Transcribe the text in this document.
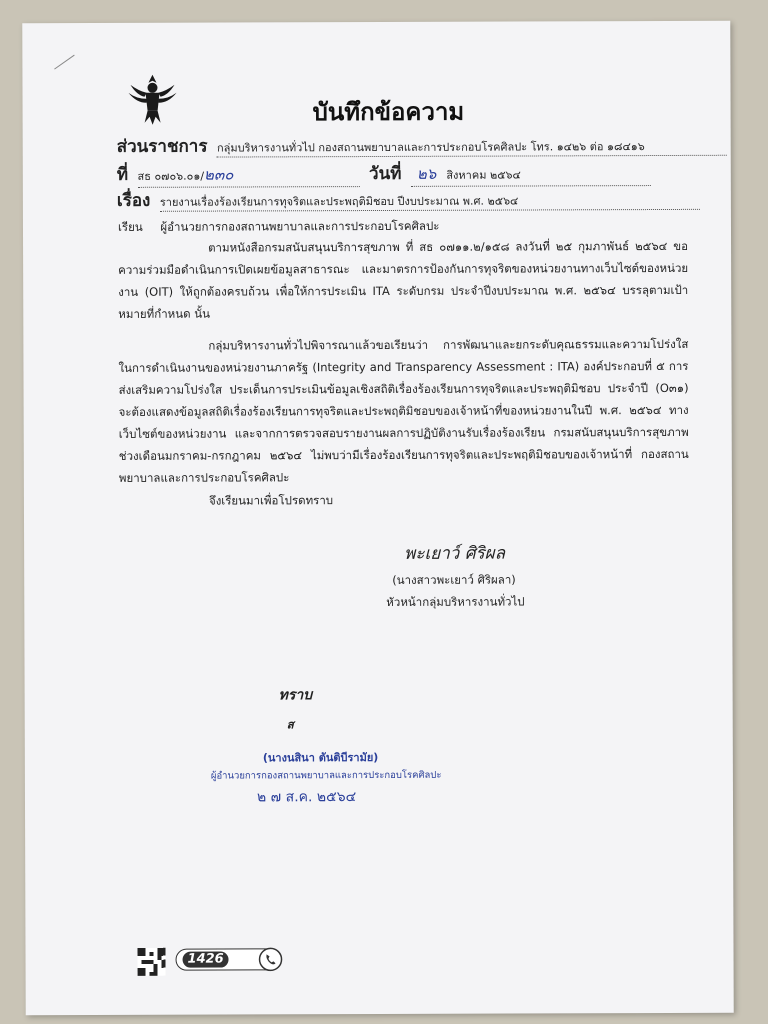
บันทึกข้อความ
ส่วนราชการ กลุ่มบริหารงานทั่วไป กองสถานพยาบาลและการประกอบโรคศิลปะ โทร. ๑๔๒๖ ต่อ ๑๘๔๑๖
ที่ สธ ๐๗๐๖.๐๑/๒๓๐	วันที่ ๒๖ สิงหาคม ๒๕๖๔
เรื่อง รายงานเรื่องร้องเรียนการทุจริตและประพฤติมิชอบ ปีงบประมาณ พ.ศ. ๒๕๖๔
เรียน ผู้อำนวยการกองสถานพยาบาลและการประกอบโรคศิลปะ

ตามหนังสือกรมสนับสนุนบริการสุขภาพ ที่ สธ ๐๗๑๑.๒/๑๕๘ ลงวันที่ ๒๕ กุมภาพันธ์ ๒๕๖๔ ขอความร่วมมือดำเนินการเปิดเผยข้อมูลสาธารณะ และมาตรการป้องกันการทุจริตของหน่วยงานทางเว็บไซต์ของหน่วยงาน (OIT) ให้ถูกต้องครบถ้วน เพื่อให้การประเมิน ITA ระดับกรม ประจำปีงบประมาณ พ.ศ. ๒๕๖๔ บรรลุตามเป้าหมายที่กำหนด นั้น

กลุ่มบริหารงานทั่วไปพิจารณาแล้วขอเรียนว่า การพัฒนาและยกระดับคุณธรรมและความโปร่งใสในการดำเนินงานของหน่วยงานภาครัฐ (Integrity and Transparency Assessment : ITA) องค์ประกอบที่ ๕ การส่งเสริมความโปร่งใส ประเด็นการประเมินข้อมูลเชิงสถิติเรื่องร้องเรียนการทุจริตและประพฤติมิชอบ ประจำปี (O๓๑) จะต้องแสดงข้อมูลสถิติเรื่องร้องเรียนการทุจริตและประพฤติมิชอบของเจ้าหน้าที่ของหน่วยงานในปี พ.ศ. ๒๕๖๔ ทางเว็บไซต์ของหน่วยงาน และจากการตรวจสอบรายงานผลการปฏิบัติงานรับเรื่องร้องเรียน กรมสนับสนุนบริการสุขภาพ ช่วงเดือนมกราคม-กรกฎาคม ๒๕๖๔ ไม่พบว่ามีเรื่องร้องเรียนการทุจริตและประพฤติมิชอบของเจ้าหน้าที่ กองสถานพยาบาลและการประกอบโรคศิลปะ

จึงเรียนมาเพื่อโปรดทราบ
พะเยาว์ ศิริผล
(นางสาวพะเยาว์ ศิริผลา)
หัวหน้ากลุ่มบริหารงานทั่วไป
ทราบ
ส
(นางนสินา ตันติบีรามัย)
ผู้อำนวยการกองสถานพยาบาลและการประกอบโรคศิลปะ
๒ ๗ ส.ค. ๒๕๖๔
1426
